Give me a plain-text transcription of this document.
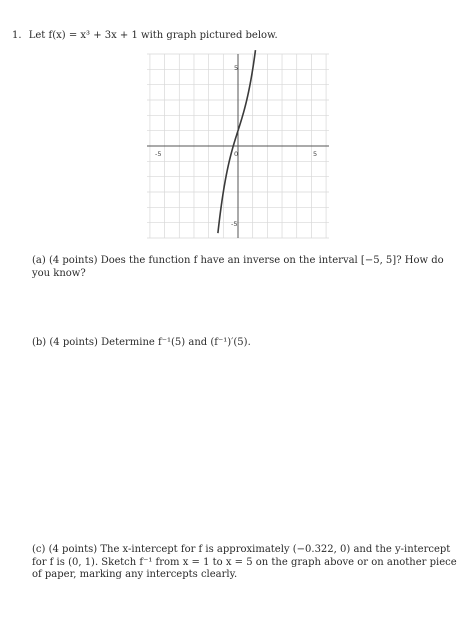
1. Let f(x) = x³ + 3x + 1 with graph pictured below.
-5	0	5
5
-5
(a) (4 points) Does the function f have an inverse on the interval [−5, 5]? How do you know?
(b) (4 points) Determine f⁻¹(5) and (f⁻¹)′(5).
(c) (4 points) The x-intercept for f is approximately (−0.322, 0) and the y-intercept for f is (0, 1). Sketch f⁻¹ from x = 1 to x = 5 on the graph above or on another piece of paper, marking any intercepts clearly.
